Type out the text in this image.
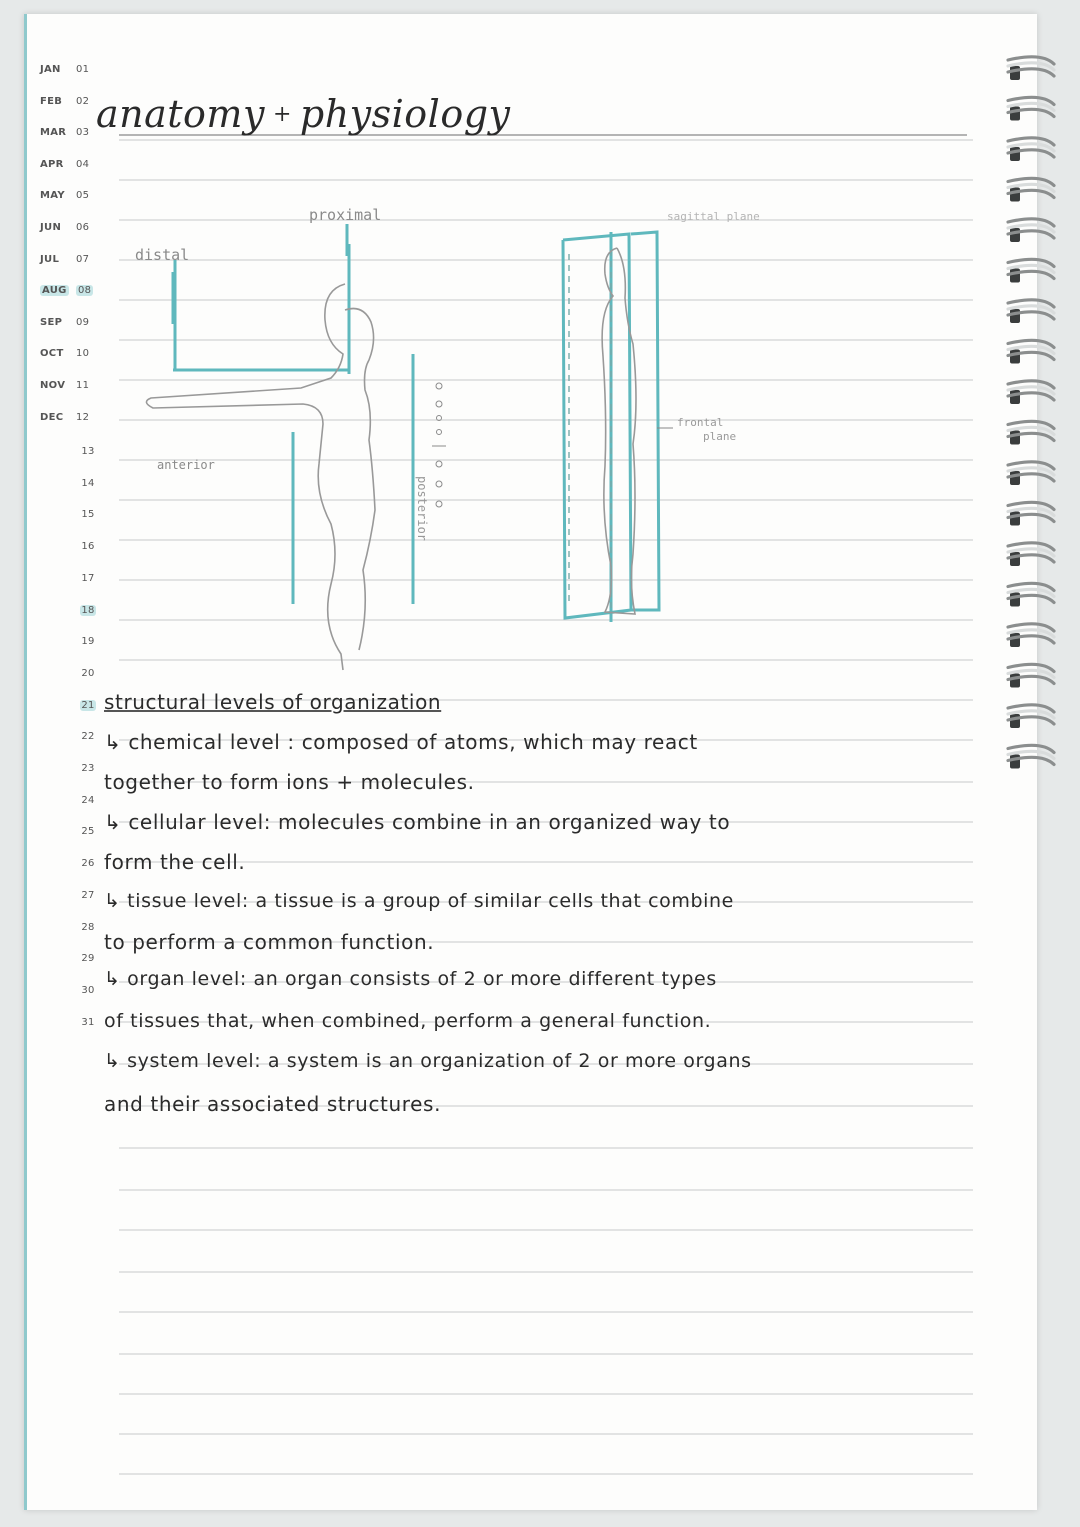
proximal
distal
anterior
posterior
sagittal plane
frontal
plane
JAN 01
FEB 02
MAR 03
APR 04
MAY 05
JUN 06
JUL 07
AUG 08
SEP 09
OCT 10
NOV 11
DEC 12
13
14
15
16
17
18
19
20
21
22
23
24
25
26
27
28
29
30
31
anatomy + physiology
structural levels of organization
↳ chemical level : composed of atoms, which may react
together to form ions + molecules.
↳ cellular level: molecules combine in an organized way to
form the cell.
↳ tissue level: a tissue is a group of similar cells that combine
to perform a common function.
↳ organ level: an organ consists of 2 or more different types
of tissues that, when combined, perform a general function.
↳ system level: a system is an organization of 2 or more organs
and their associated structures.
